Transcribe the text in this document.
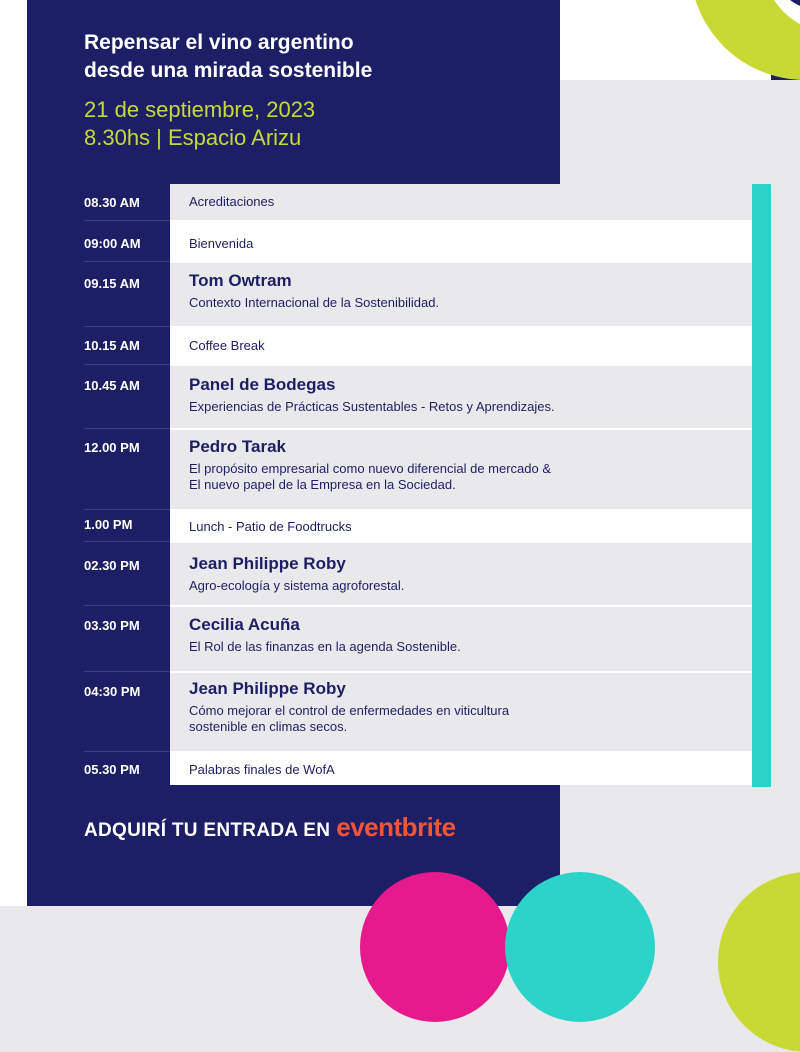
Repensar el vino argentino
desde una mirada sostenible
21 de septiembre, 2023
8.30hs | Espacio Arizu
08.30 AM	Acreditaciones
09:00 AM	Bienvenida
09.15 AM	Tom Owtram
Contexto Internacional de la Sostenibilidad.
10.15 AM	Coffee Break
10.45 AM	Panel de Bodegas
Experiencias de Prácticas Sustentables - Retos y Aprendizajes.
12.00 PM	Pedro Tarak
El propósito empresarial como nuevo diferencial de mercado &
El nuevo papel de la Empresa en la Sociedad.
1.00 PM	Lunch - Patio de Foodtrucks
02.30 PM	Jean Philippe Roby
Agro-ecología y sistema agroforestal.
03.30 PM	Cecilia Acuña
El Rol de las finanzas en la agenda Sostenible.
04:30 PM	Jean Philippe Roby
Cómo mejorar el control de enfermedades en viticultura
sostenible en climas secos.
05.30 PM	Palabras finales de WofA
ADQUIRÍ TU ENTRADA EN eventbrite
